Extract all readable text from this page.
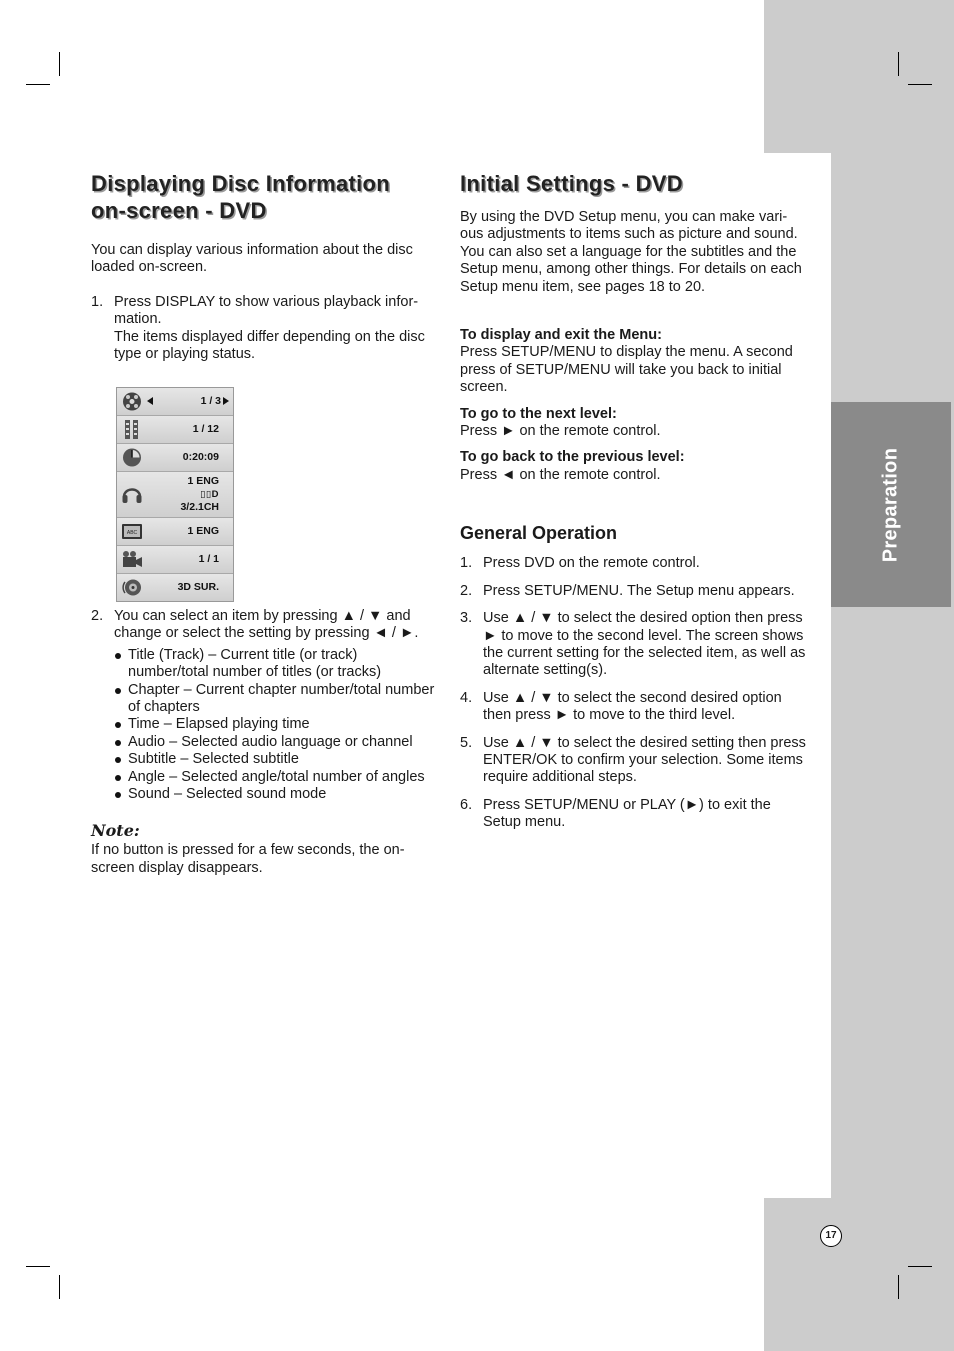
Preparation
Displaying Disc Information
on-screen - DVD

You can display various information about the disc loaded on-screen.

1. Press DISPLAY to show various playback infor- mation.
The items displayed differ depending on the disc type or playing status.
1 / 3
1 / 12
0:20:09
1 ENG
▯▯D
3/2.1CH
ABC	1 ENG
1 / 1
3D SUR.
2. You can select an item by pressing ▲ / ▼ and change or select the setting by pressing ◄ / ►.
Title (Track) – Current title (or track) number/total number of titles (or tracks)
Chapter – Current chapter number/total number of chapters
Time – Elapsed playing time
Audio – Selected audio language or channel
Subtitle – Selected subtitle
Angle – Selected angle/total number of angles
Sound – Selected sound mode
Note:

If no button is pressed for a few seconds, the on- screen display disappears.

Initial Settings - DVD

By using the DVD Setup menu, you can make vari- ous adjustments to items such as picture and sound. You can also set a language for the subtitles and the Setup menu, among other things. For details on each Setup menu item, see pages 18 to 20.

To display and exit the Menu:

Press SETUP/MENU to display the menu. A second press of SETUP/MENU will take you back to initial screen.

To go to the next level:

Press ► on the remote control.

To go back to the previous level:

Press ◄ on the remote control.

General Operation
1. Press DVD on the remote control.
2. Press SETUP/MENU. The Setup menu appears.
3. Use ▲ / ▼ to select the desired option then press ► to move to the second level. The screen shows the current setting for the selected item, as well as alternate setting(s).
4. Use ▲ / ▼ to select the second desired option then press ► to move to the third level.
5. Use ▲ / ▼ to select the desired setting then press ENTER/OK to confirm your selection. Some items require additional steps.
6. Press SETUP/MENU or PLAY (►) to exit the Setup menu.
17
